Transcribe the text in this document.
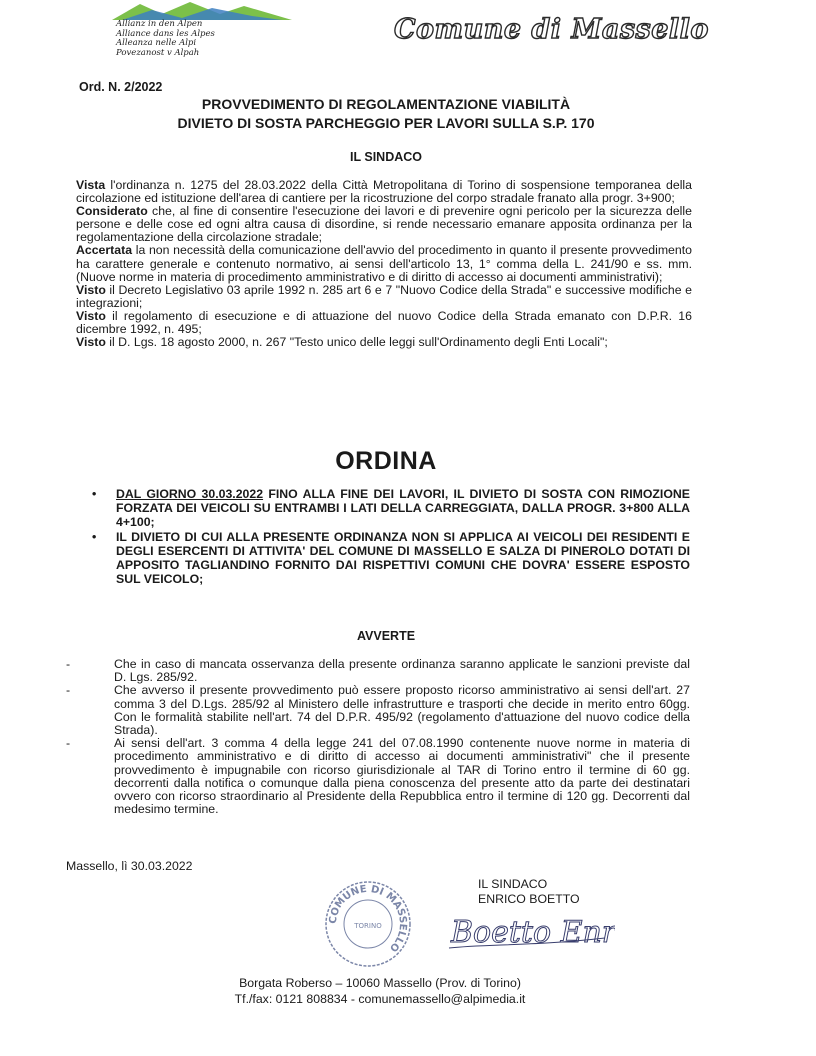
Allianz in den Alpen
Alliance dans les Alpes
Alleanza nelle Alpi
Povezanost v Alpah
Comune di Massello
Ord. N. 2/2022
PROVVEDIMENTO DI REGOLAMENTAZIONE VIABILITÀ
DIVIETO DI SOSTA PARCHEGGIO PER LAVORI SULLA S.P. 170
IL SINDACO

Vista l'ordinanza n. 1275 del 28.03.2022 della Città Metropolitana di Torino di sospensione temporanea della circolazione ed istituzione dell'area di cantiere per la ricostruzione del corpo stradale franato alla progr. 3+900;

Considerato che, al fine di consentire l'esecuzione dei lavori e di prevenire ogni pericolo per la sicurezza delle persone e delle cose ed ogni altra causa di disordine, si rende necessario emanare apposita ordinanza per la regolamentazione della circolazione stradale;

Accertata la non necessità della comunicazione dell'avvio del procedimento in quanto il presente provvedimento ha carattere generale e contenuto normativo, ai sensi dell'articolo 13, 1° comma della L. 241/90 e ss. mm. (Nuove norme in materia di procedimento amministrativo e di diritto di accesso ai documenti amministrativi);

Visto il Decreto Legislativo 03 aprile 1992 n. 285 art 6 e 7 "Nuovo Codice della Strada" e successive modifiche e integrazioni;

Visto il regolamento di esecuzione e di attuazione del nuovo Codice della Strada emanato con D.P.R. 16 dicembre 1992, n. 495;

Visto il D. Lgs. 18 agosto 2000, n. 267 "Testo unico delle leggi sull'Ordinamento degli Enti Locali";

ORDINA
• DAL GIORNO 30.03.2022 FINO ALLA FINE DEI LAVORI, IL DIVIETO DI SOSTA CON RIMOZIONE FORZATA DEI VEICOLI SU ENTRAMBI I LATI DELLA CARREGGIATA, DALLA PROGR. 3+800 ALLA 4+100;
• IL DIVIETO DI CUI ALLA PRESENTE ORDINANZA NON SI APPLICA AI VEICOLI DEI RESIDENTI E DEGLI ESERCENTI DI ATTIVITA' DEL COMUNE DI MASSELLO E SALZA DI PINEROLO DOTATI DI APPOSITO TAGLIANDINO FORNITO DAI RISPETTIVI COMUNI CHE DOVRA' ESSERE ESPOSTO SUL VEICOLO;
AVVERTE
-	Che in caso di mancata osservanza della presente ordinanza saranno applicate le sanzioni previste dal D. Lgs. 285/92.
-	Che avverso il presente provvedimento può essere proposto ricorso amministrativo ai sensi dell'art. 27 comma 3 del D.Lgs. 285/92 al Ministero delle infrastrutture e trasporti che decide in merito entro 60gg. Con le formalità stabilite nell'art. 74 del D.P.R. 495/92 (regolamento d'attuazione del nuovo codice della Strada).
-	Ai sensi dell'art. 3 comma 4 della legge 241 del 07.08.1990 contenente nuove norme in materia di procedimento amministrativo e di diritto di accesso ai documenti amministrativi" che il presente provvedimento è impugnabile con ricorso giurisdizionale al TAR di Torino entro il termine di 60 gg. decorrenti dalla notifica o comunque dalla piena conoscenza del presente atto da parte dei destinatari ovvero con ricorso straordinario al Presidente della Repubblica entro il termine di 120 gg. Decorrenti dal medesimo termine.
Massello, lì 30.03.2022
COMUNE DI MASSELLO
TORINO
IL SINDACO
ENRICO BOETTO
Boetto Enr
Borgata Roberso – 10060 Massello (Prov. di Torino)
Tf./fax: 0121 808834 - comunemassello@alpimedia.it
